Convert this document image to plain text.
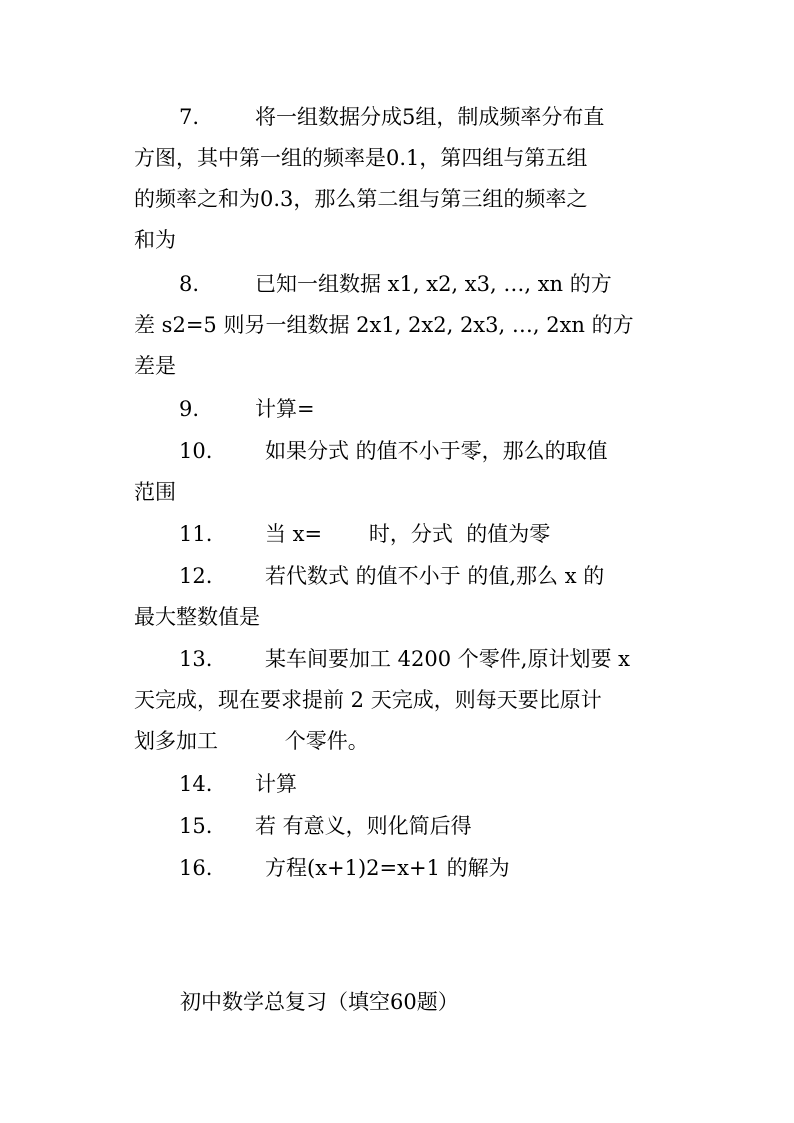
7.	将一组数据分成5组，制成频率分布直
方图，其中第一组的频率是0.1，第四组与第五组
的频率之和为0.3，那么第二组与第三组的频率之
和为
8.	已知一组数据 x1, x2, x3, …, xn 的方
差 s2=5 则另一组数据 2x1, 2x2, 2x3, …, 2xn 的方
差是
9.	计算=
10.	如果分式 的值不小于零，那么的取值
范围
11.	当 x=       时，分式  的值为零
12.	若代数式 的值不小于 的值,那么 x 的
最大整数值是
13.	某车间要加工 4200 个零件,原计划要 x
天完成，现在要求提前 2 天完成，则每天要比原计
划多加工          个零件。
14. 计算
15. 若 有意义，则化简后得
16.	方程(x+1)2=x+1 的解为
初中数学总复习（填空60题）
